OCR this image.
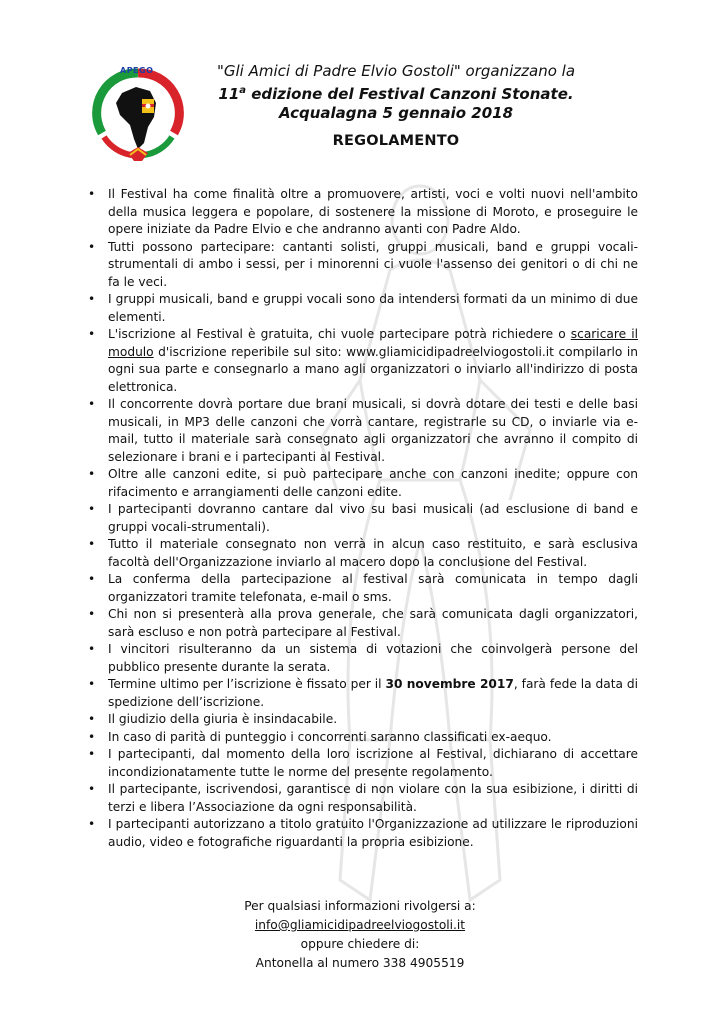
APEGO	"Gli Amici di Padre Elvio Gostoli" organizzano la
11$^a$ edizione del Festival Canzoni Stonate.
Acqualagna 5 gennaio 2018
REGOLAMENTO
• Il Festival ha come finalità oltre a promuovere, artisti, voci e volti nuovi nell'ambito della musica leggera e popolare, di sostenere la missione di Moroto, e proseguire le opere iniziate da Padre Elvio e che andranno avanti con Padre Aldo.
• Tutti possono partecipare: cantanti solisti, gruppi musicali, band e gruppi vocali-strumentali di ambo i sessi, per i minorenni ci vuole l'assenso dei genitori o di chi ne fa le veci.
• I gruppi musicali, band e gruppi vocali sono da intendersi formati da un minimo di due elementi.
• L'iscrizione al Festival è gratuita, chi vuole partecipare potrà richiedere o scaricare il modulo d'iscrizione reperibile sul sito: www.gliamicidipadreelviogostoli.it compilarlo in ogni sua parte e consegnarlo a mano agli organizzatori o inviarlo all'indirizzo di posta elettronica.
• Il concorrente dovrà portare due brani musicali, si dovrà dotare dei testi e delle basi musicali, in MP3 delle canzoni che vorrà cantare, registrarle su CD, o inviarle via e-mail, tutto il materiale sarà consegnato agli organizzatori che avranno il compito di selezionare i brani e i partecipanti al Festival.
• Oltre alle canzoni edite, si può partecipare anche con canzoni inedite; oppure con rifacimento e arrangiamenti delle canzoni edite.
• I partecipanti dovranno cantare dal vivo su basi musicali (ad esclusione di band e gruppi vocali-strumentali).
• Tutto il materiale consegnato non verrà in alcun caso restituito, e sarà esclusiva facoltà dell'Organizzazione inviarlo al macero dopo la conclusione del Festival.
• La conferma della partecipazione al festival sarà comunicata in tempo dagli organizzatori tramite telefonata, e-mail o sms.
• Chi non si presenterà alla prova generale, che sarà comunicata dagli organizzatori, sarà escluso e non potrà partecipare al Festival.
• I vincitori risulteranno da un sistema di votazioni che coinvolgerà persone del pubblico presente durante la serata.
• Termine ultimo per l’iscrizione è fissato per il 30 novembre 2017, farà fede la data di spedizione dell’iscrizione.
• Il giudizio della giuria è insindacabile.
• In caso di parità di punteggio i concorrenti saranno classificati ex-aequo.
• I partecipanti, dal momento della loro iscrizione al Festival, dichiarano di accettare incondizionatamente tutte le norme del presente regolamento.
• Il partecipante, iscrivendosi, garantisce di non violare con la sua esibizione, i diritti di terzi e libera l’Associazione da ogni responsabilità.
• I partecipanti autorizzano a titolo gratuito l'Organizzazione ad utilizzare le riproduzioni audio, video e fotografiche riguardanti la propria esibizione.
Per qualsiasi informazioni rivolgersi a:
info@gliamicidipadreelviogostoli.it
oppure chiedere di:
Antonella al numero 338 4905519
